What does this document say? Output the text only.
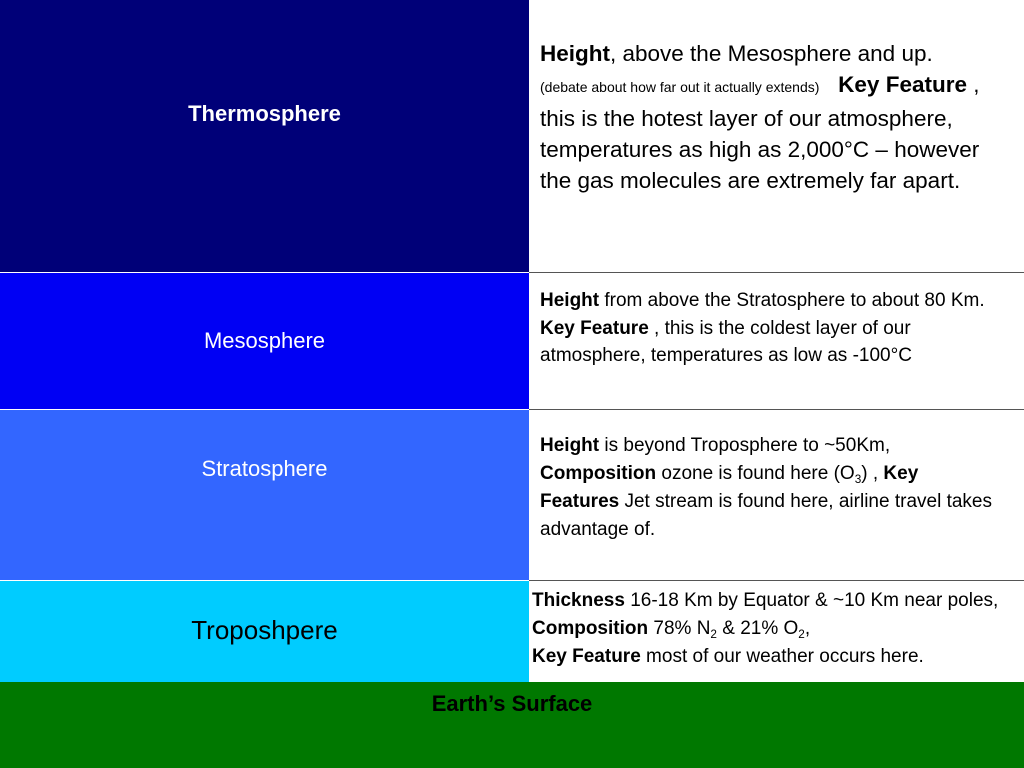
Thermosphere

Height, above the Mesosphere and up.
(debate about how far out it actually extends) Key Feature , this is the hotest layer of our atmosphere, temperatures as high as 2,000°C – however the gas molecules are extremely far apart.

Mesosphere

Height from above the Stratosphere to about 80 Km. Key Feature , this is the coldest layer of our atmosphere, temperatures as low as -100°C

Stratosphere

Height is beyond Troposphere to ~50Km,
Composition ozone is found here $(O_3)$ , Key Features Jet stream is found here, airline travel takes advantage of.

Troposhpere

Thickness 16-18 Km by Equator & ~10 Km near poles, Composition 78% $N_2$ & 21% $O_2$,
Key Feature most of our weather occurs here.

Earth’s Surface
